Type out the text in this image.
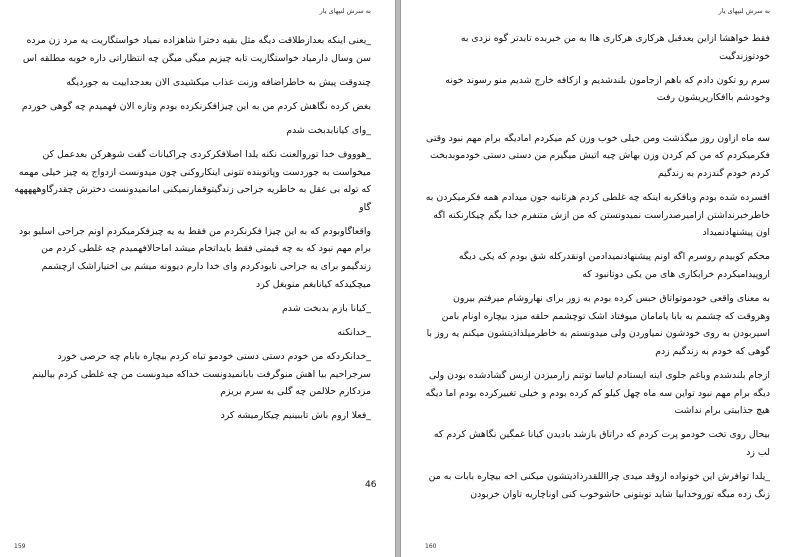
به سرش لنپهای یار

_یعنی اینکه بعدازطلاقت دیگه مثل بقیه دخترا شاهزاده نمیاد خواستگاریت یه مرد زن مرده سن وسال دارمیاد خواستگاریت تابه چیزیم میگی میگن چه انتظاراتی داره خوبه مطلقه اس

چندوقت پیش به خاطراضافه وزنت عذاب میکشیدی الان بعدجداییت به جوردیگه

بغض کرده نگاهش کردم من به این چیزافکرنکرده بودم وتازه الان فهمیدم چه گوهی خوردم

_وای کیانابدبخت شدم

_هوووف خدا توروالعنت نکنه یلدا اصلافکرکردی چراکیانات گفت شوهرکن بعدعمل کن میخواست به جوردست وپاتوبنده تتونی اینکاروکنی چون میدونست ازدواج یه چیز خیلی مهمه که توله بی عقل به خاطریه جراحی زندگیتوقمارنمیکنی امانمیدونست دخترش چقدرگاوهههههه گاو

واقعاگاوبودم که به این چیزا فکرنکردم من فقط به یه چیزفکرمیکردم اونم جراحی اسلیو بود برام مهم نبود که به چه قیمتی فقط بایداتجام میشد اماحالافهمیدم چه غلطی کردم من زندگیمو برای یه جراحی نابودکردم وای خدا دارم دیوونه میشم بی اختیاراشک ازچشمم میچکیدکه کیانابغم منوبغل کرد

_کیانا بازم بدبخت شدم

_خدانکنه

_خدانکردکه من خودم دستی دستی خودمو تباه کردم بیچاره بابام چه حرصی خورد سرجراحیم بیا اهش منوگرفت بابانمیدونست خداکه میدونست من چه غلطی کردم بیالینم مزدکارم حلالمن چه گلی به سرم بریزم

_فعلا اروم باش تاببینیم چیکارمیشه کرد

46
159
به سرش لنپهای یار

فقط خواهشا ازاین بعدقبل هرکاری هرکاری هاا به من خبربده تابدتر گوه نزدی به خودتوزندگیت

سرم رو تکون دادم که باهم ازجامون بلندشدیم و ازکافه خارج شدیم منو رسوند خونه وخودشم باافکارپریشون رفت

سه ماه ازاون روز میگذشت ومن خیلی خوب وزن کم میکردم امادیگه برام مهم نبود وقتی فکرمیکردم که من کم کردن وزن بهاش چیه اتیش میگیرم من دستی دستی خودموبدبخت کردم خودم گندزدم به زندگیم

افسرده شده بودم وبافکربه اینکه چه غلطی کردم هرثانیه جون میدادم همه فکرمیکردن به خاطرخبرنداشتن ازامیرصدراست نمیدونستن که من ازش متنفرم خدا بگم چیکارنکنه اگه اون پیشنهادنمیداد

محکم کوبیدم روسرم اگه اونم پیشنهادنمیدادمن اونقدرکله شق بودم که یکی دیگه اروپیدامیکردم خرابکاری های من یکی دوتانبود که

به معنای واقعی خودموتواتاق حبس کرده بودم به زور برای نهاروشام میرفتم بیرون وهروقت که چشمم به بابا یامامان میوفتاد اشک توچشمم حلقه میزد بیچاره اونام بامن اسیربودن به روی خودشون نمیاوردن ولی میدونستم به خاطرمیلذاذیتشون میکنم یه روز با گوهی که خودم به زندگیم زدم

ازجام بلندشدم وباغم جلوی اینه ایستادم لباسا توتنم زارمیزدن ازبس گشادشده بودن ولی دیگه برام مهم نبود تواین سه ماه چهل کیلو کم کرده بودم و خیلی تغییرکرده بودم اما دیگه هیچ جذابیتی برام نداشت

بیحال روی تخت خودمو پرت کردم که دراتاق بازشد بادیدن کیانا غمگین نگاهش کردم که لب زد

_یلدا توافرش این خونواده اروقد میدی چرااللقدرذاذیتشون میکنی اخه بیچاره بابات به من زنگ زده میگه توروخدابیا شاید توبتونی حاشوخوب کنی اوناچاریه تاوان خربودن

160
